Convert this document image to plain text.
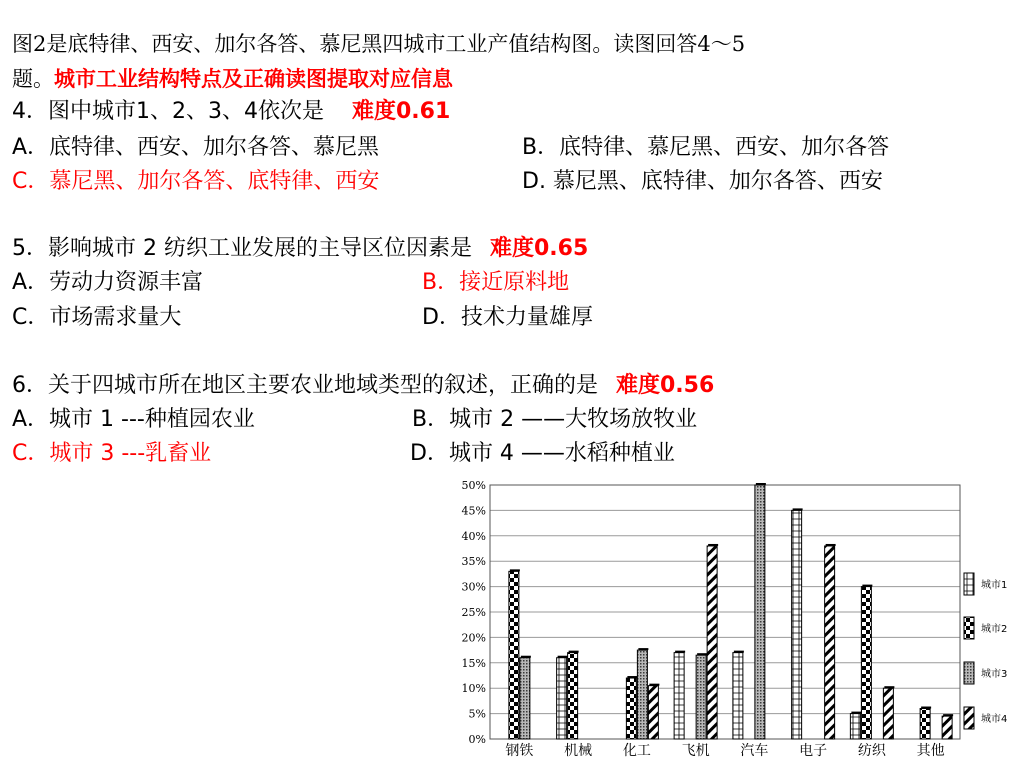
图2是底特律、西安、加尔各答、慕尼黑四城市工业产值结构图。读图回答4～5
题。城市工业结构特点及正确读图提取对应信息
4．图中城市1、2、3、4依次是 难度0.61
A．底特律、西安、加尔各答、慕尼黑	B．底特律、慕尼黑、西安、加尔各答
C．慕尼黑、加尔各答、底特律、西安	D. 慕尼黑、底特律、加尔各答、西安
5．影响城市 2 纺织工业发展的主导区位因素是 难度0.65
A．劳动力资源丰富	B．接近原料地
C．市场需求量大	D．技术力量雄厚
6．关于四城市所在地区主要农业地域类型的叙述，正确的是 难度0.56
A．城市 1 ---种植园农业	B．城市 2 ——大牧场放牧业
C．城市 3 ---乳畜业	D．城市 4 ——水稻种植业
0%
5%
10%
15%
20%
25%
30%
35%
40%
45%
50%
钢铁 机械 化工 飞机 汽车 电子 纺织 其他
城市1
城市2
城市3
城市4
